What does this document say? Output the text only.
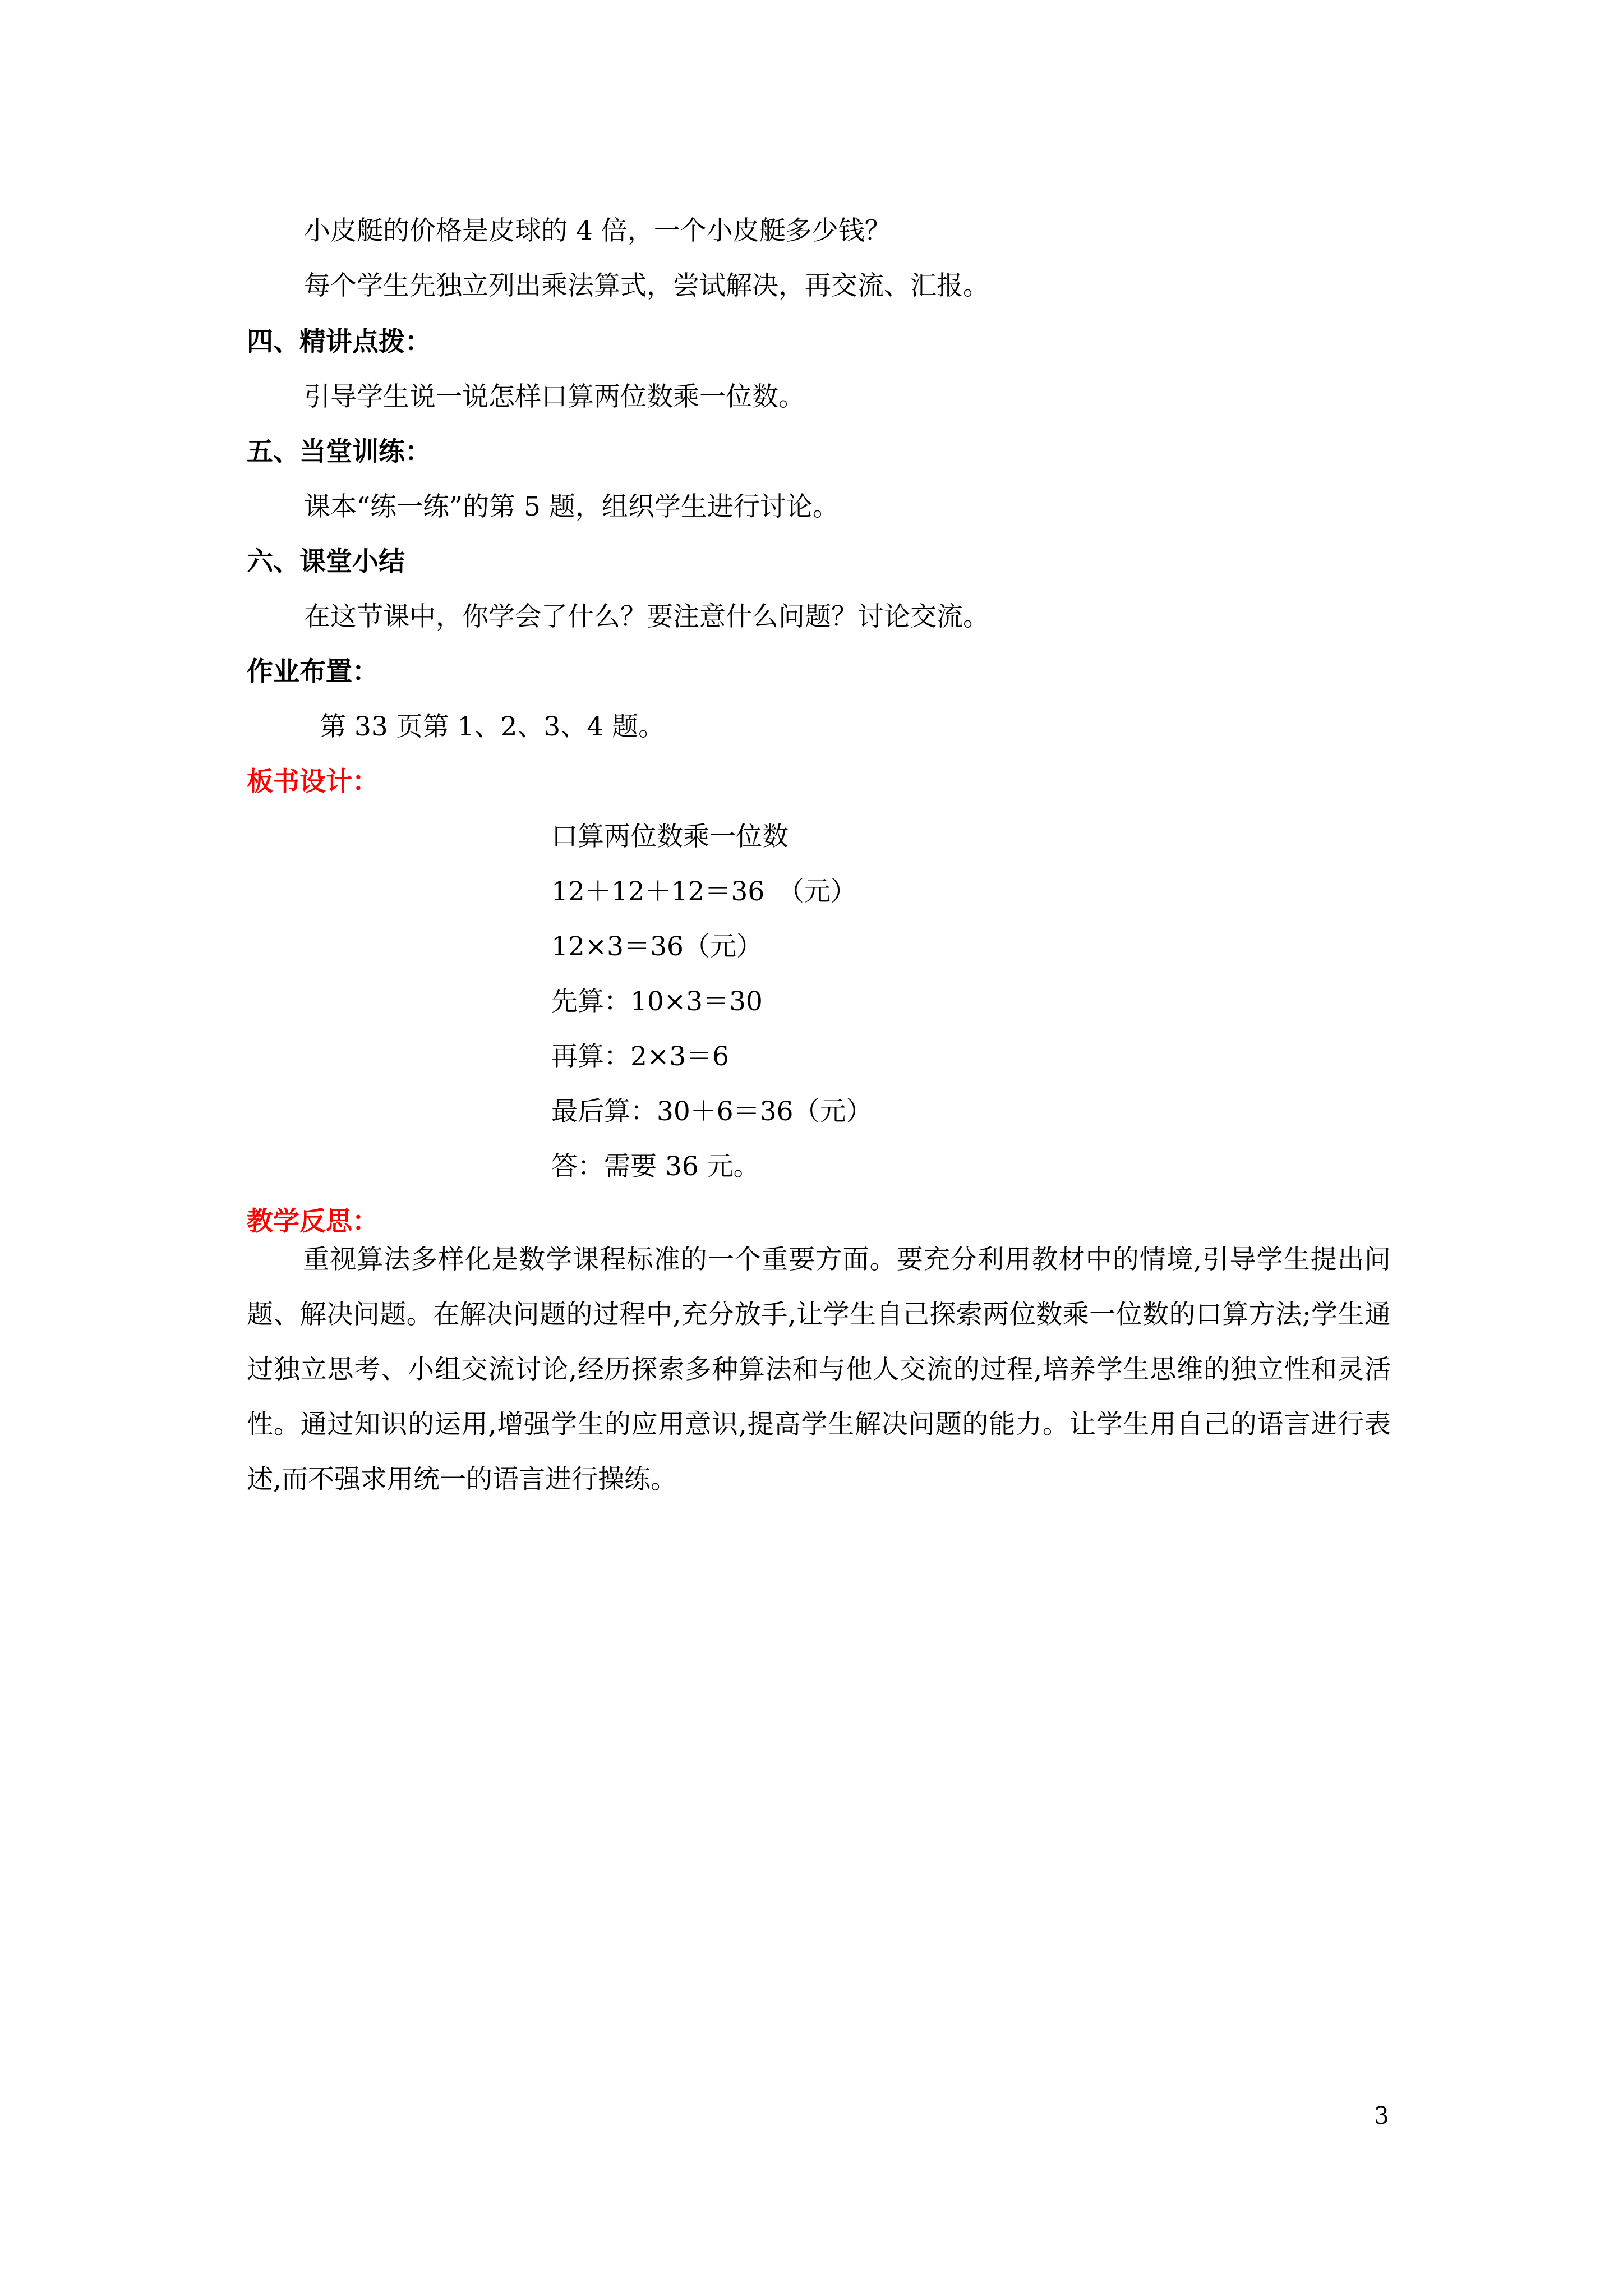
小皮艇的价格是皮球的 4 倍，一个小皮艇多少钱？
每个学生先独立列出乘法算式，尝试解决，再交流、汇报。
四、精讲点拨：
引导学生说一说怎样口算两位数乘一位数。
五、当堂训练：
课本“练一练”的第 5 题，组织学生进行讨论。
六、课堂小结
在这节课中，你学会了什么？要注意什么问题？讨论交流。
作业布置：
第 33 页第 1、2、3、4 题。
板书设计：
口算两位数乘一位数
12＋12＋12＝36　（元）
12×3＝36（元）
先算：10×3＝30
再算：2×3＝6
最后算：30＋6＝36（元）
答：需要 36 元。
教学反思：
重视算法多样化是数学课程标准的一个重要方面。要充分利用教材中的情境,引导学生提出问题、解决问题。在解决问题的过程中,充分放手,让学生自己探索两位数乘一位数的口算方法;学生通过独立思考、小组交流讨论,经历探索多种算法和与他人交流的过程,培养学生思维的独立性和灵活性。通过知识的运用,增强学生的应用意识,提高学生解决问题的能力。让学生用自己的语言进行表述,而不强求用统一的语言进行操练。
3
